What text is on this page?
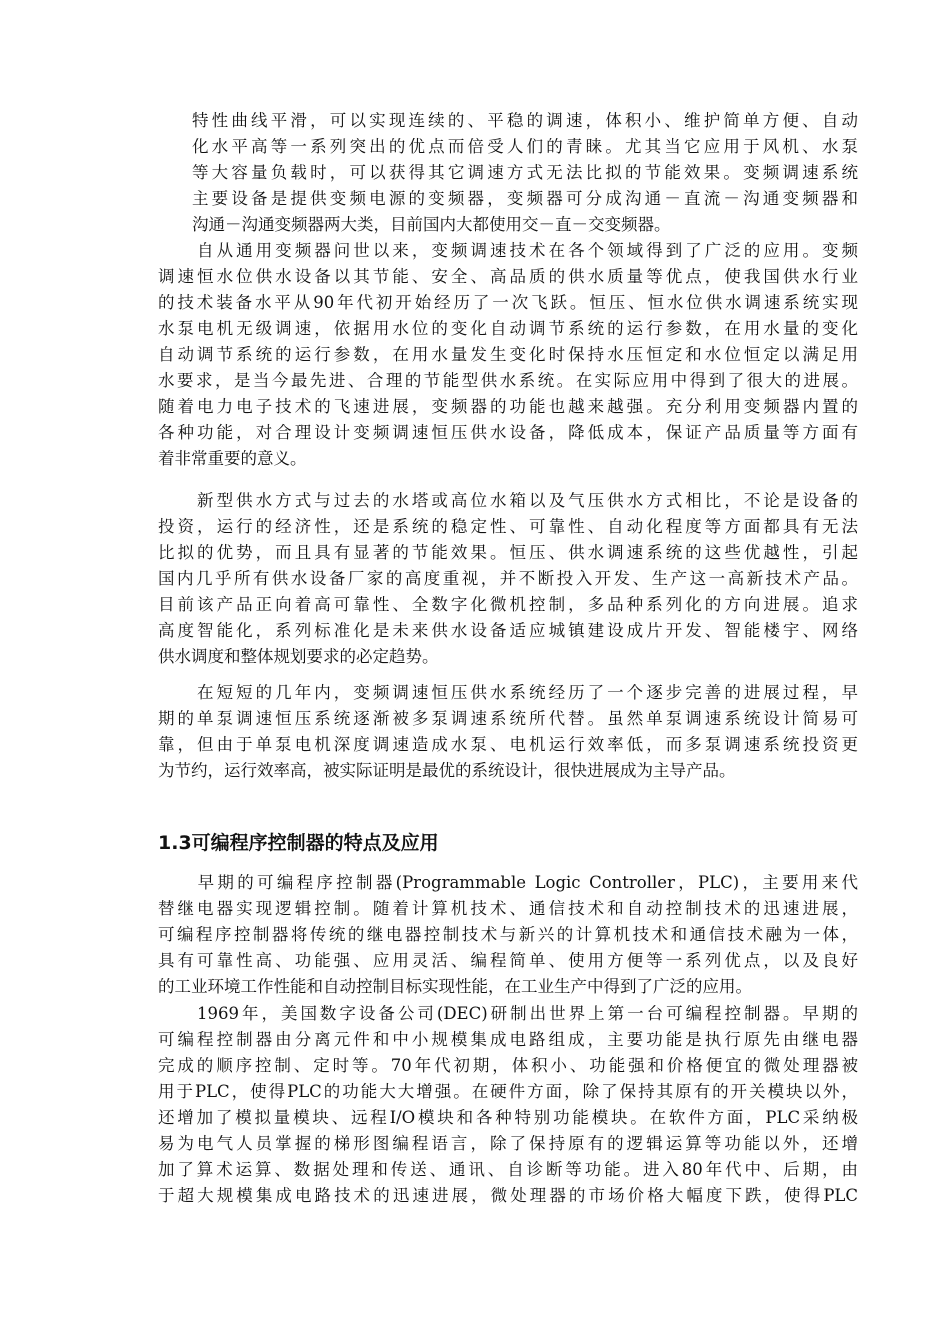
特性曲线平滑，可以实现连续的、平稳的调速，体积小、维护简单方便、自动
化水平高等一系列突出的优点而倍受人们的青睐。尤其当它应用于风机、水泵
等大容量负载时，可以获得其它调速方式无法比拟的节能效果。变频调速系统
主要设备是提供变频电源的变频器，变频器可分成沟通－直流－沟通变频器和
沟通－沟通变频器两大类，目前国内大都使用交－直－交变频器。
　　自从通用变频器问世以来，变频调速技术在各个领域得到了广泛的应用。变频
调速恒水位供水设备以其节能、安全、高品质的供水质量等优点，使我国供水行业
的技术装备水平从90年代初开始经历了一次飞跃。恒压、恒水位供水调速系统实现
水泵电机无级调速，依据用水位的变化自动调节系统的运行参数，在用水量的变化
自动调节系统的运行参数，在用水量发生变化时保持水压恒定和水位恒定以满足用
水要求，是当今最先进、合理的节能型供水系统。在实际应用中得到了很大的进展。
随着电力电子技术的飞速进展，变频器的功能也越来越强。充分利用变频器内置的
各种功能，对合理设计变频调速恒压供水设备，降低成本，保证产品质量等方面有
着非常重要的意义。
　　新型供水方式与过去的水塔或高位水箱以及气压供水方式相比，不论是设备的
投资，运行的经济性，还是系统的稳定性、可靠性、自动化程度等方面都具有无法
比拟的优势，而且具有显著的节能效果。恒压、供水调速系统的这些优越性，引起
国内几乎所有供水设备厂家的高度重视，并不断投入开发、生产这一高新技术产品。
目前该产品正向着高可靠性、全数字化微机控制，多品种系列化的方向进展。追求
高度智能化，系列标准化是未来供水设备适应城镇建设成片开发、智能楼宇、网络
供水调度和整体规划要求的必定趋势。
　　在短短的几年内，变频调速恒压供水系统经历了一个逐步完善的进展过程，早
期的单泵调速恒压系统逐渐被多泵调速系统所代替。虽然单泵调速系统设计简易可
靠，但由于单泵电机深度调速造成水泵、电机运行效率低，而多泵调速系统投资更
为节约，运行效率高，被实际证明是最优的系统设计，很快进展成为主导产品。
1.3可编程序控制器的特点及应用
　　早期的可编程序控制器(Programmable Logic Controller，PLC)，主要用来代
替继电器实现逻辑控制。随着计算机技术、通信技术和自动控制技术的迅速进展，
可编程序控制器将传统的继电器控制技术与新兴的计算机技术和通信技术融为一体，
具有可靠性高、功能强、应用灵活、编程简单、使用方便等一系列优点，以及良好
的工业环境工作性能和自动控制目标实现性能，在工业生产中得到了广泛的应用。
　　1969年，美国数字设备公司(DEC)研制出世界上第一台可编程控制器。早期的
可编程控制器由分离元件和中小规模集成电路组成，主要功能是执行原先由继电器
完成的顺序控制、定时等。70年代初期，体积小、功能强和价格便宜的微处理器被
用于PLC，使得PLC的功能大大增强。在硬件方面，除了保持其原有的开关模块以外，
还增加了模拟量模块、远程I/O模块和各种特别功能模块。在软件方面，PLC采纳极
易为电气人员掌握的梯形图编程语言，除了保持原有的逻辑运算等功能以外，还增
加了算术运算、数据处理和传送、通讯、自诊断等功能。进入80年代中、后期，由
于超大规模集成电路技术的迅速进展，微处理器的市场价格大幅度下跌，使得PLC
